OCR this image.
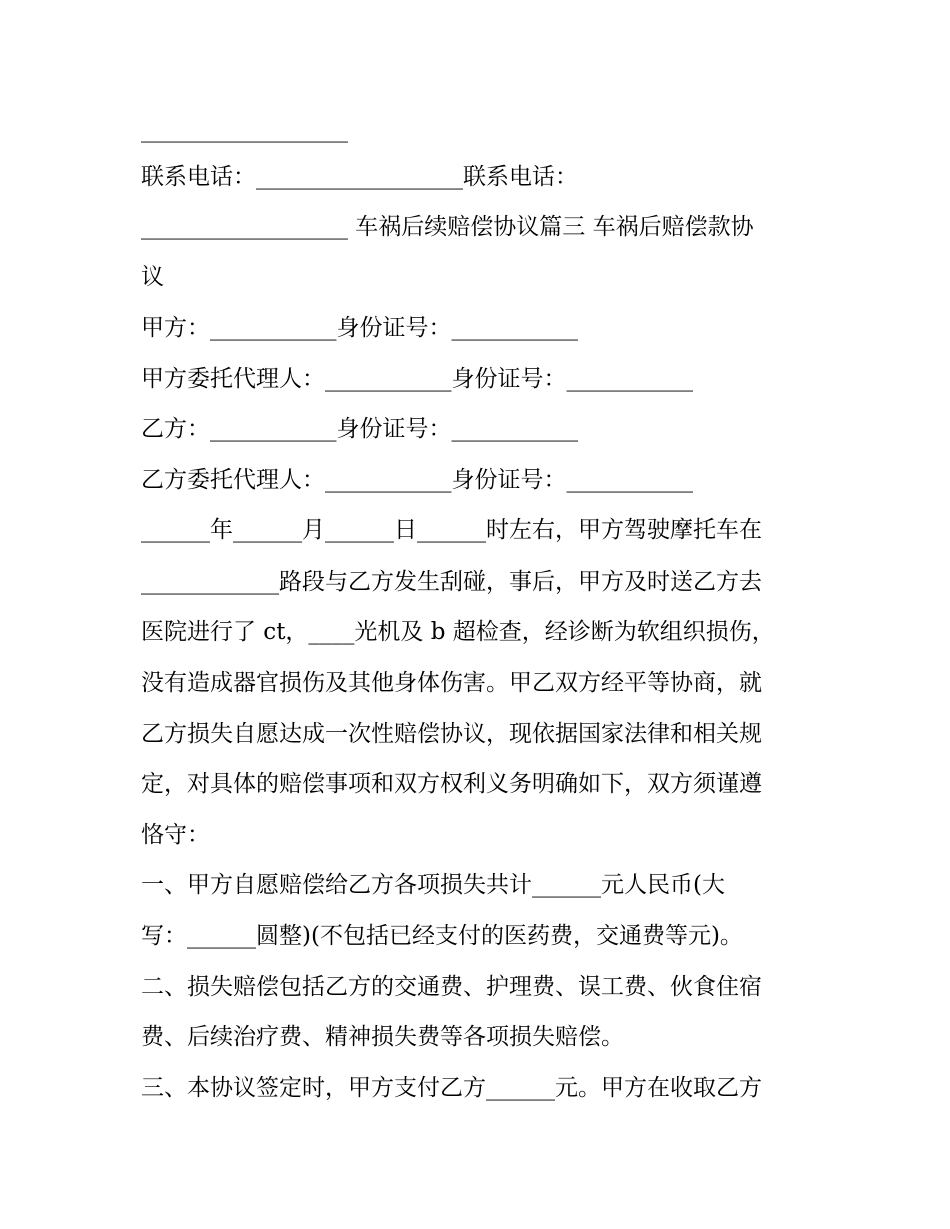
__________________
联系电话：__________________联系电话：
__________________ 车祸后续赔偿协议篇三 车祸后赔偿款协
议
甲方：___________身份证号：___________
甲方委托代理人：___________身份证号：___________
乙方：___________身份证号：___________
乙方委托代理人：___________身份证号：___________
______年______月______日______时左右，甲方驾驶摩托车在
____________路段与乙方发生刮碰，事后，甲方及时送乙方去
医院进行了 ct，____光机及 b 超检查，经诊断为软组织损伤，
没有造成器官损伤及其他身体伤害。甲乙双方经平等协商，就
乙方损失自愿达成一次性赔偿协议，现依据国家法律和相关规
定，对具体的赔偿事项和双方权利义务明确如下，双方须谨遵
恪守：
一、甲方自愿赔偿给乙方各项损失共计______元人民币(大
写：______圆整)(不包括已经支付的医药费，交通费等元)。
二、损失赔偿包括乙方的交通费、护理费、误工费、伙食住宿
费、后续治疗费、精神损失费等各项损失赔偿。
三、本协议签定时，甲方支付乙方______元。甲方在收取乙方
